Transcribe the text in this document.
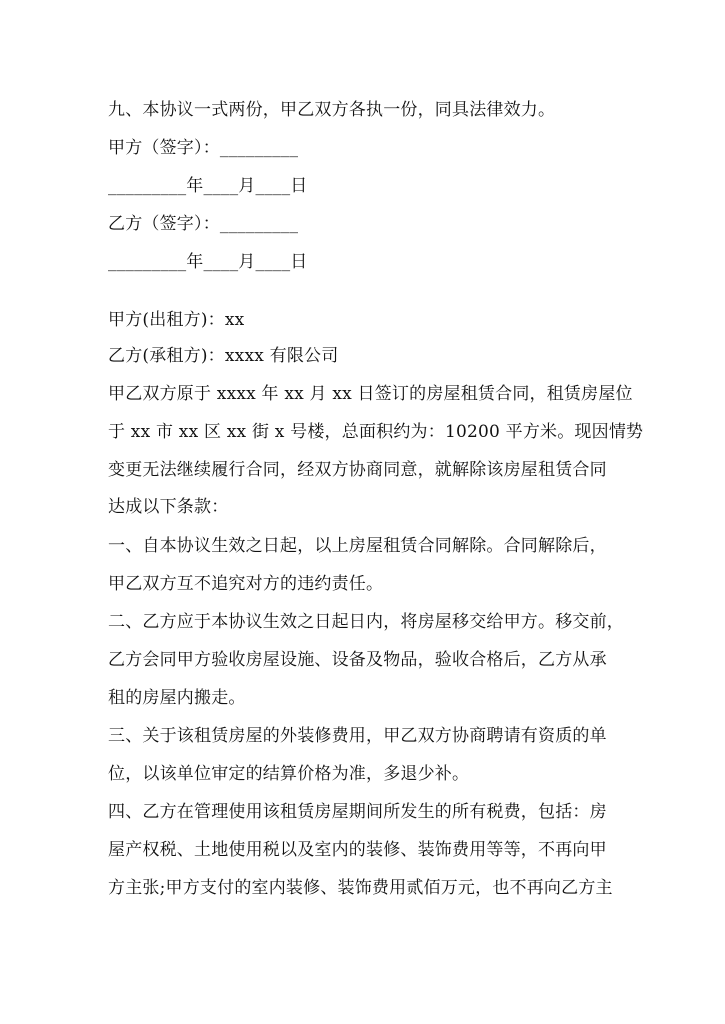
九、本协议一式两份，甲乙双方各执一份，同具法律效力。
甲方（签字）：_________
_________年____月____日
乙方（签字）：_________
_________年____月____日
甲方(出租方)：xx
乙方(承租方)：xxxx 有限公司
甲乙双方原于 xxxx 年 xx 月 xx 日签订的房屋租赁合同，租赁房屋位
于 xx 市 xx 区 xx 街 x 号楼，总面积约为：10200 平方米。现因情势
变更无法继续履行合同，经双方协商同意，就解除该房屋租赁合同
达成以下条款：
一、自本协议生效之日起，以上房屋租赁合同解除。合同解除后，
甲乙双方互不追究对方的违约责任。
二、乙方应于本协议生效之日起日内，将房屋移交给甲方。移交前，
乙方会同甲方验收房屋设施、设备及物品，验收合格后，乙方从承
租的房屋内搬走。
三、关于该租赁房屋的外装修费用，甲乙双方协商聘请有资质的单
位，以该单位审定的结算价格为准，多退少补。
四、乙方在管理使用该租赁房屋期间所发生的所有税费，包括：房
屋产权税、土地使用税以及室内的装修、装饰费用等等，不再向甲
方主张;甲方支付的室内装修、装饰费用贰佰万元，也不再向乙方主
